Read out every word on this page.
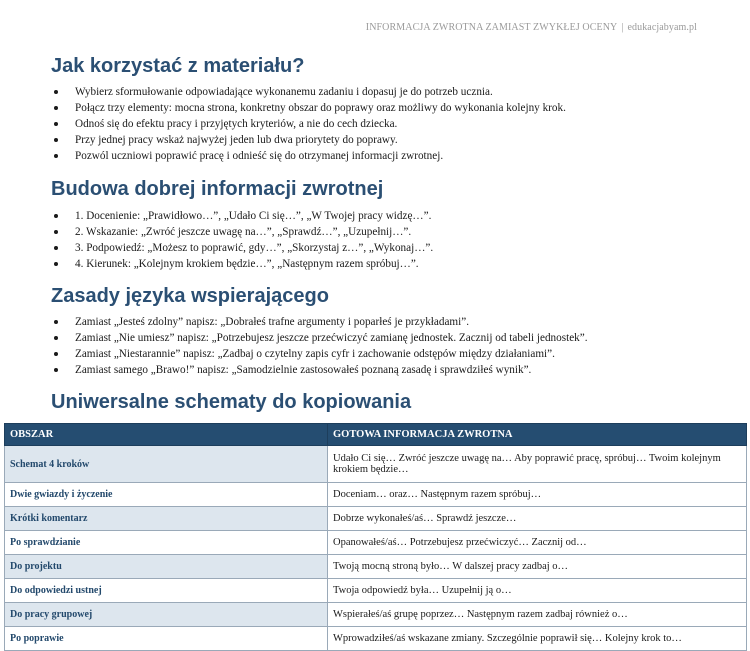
INFORMACJA ZWROTNA ZAMIAST ZWYKŁEJ OCENY | edukacjabyam.pl
Jak korzystać z materiału?
Wybierz sformułowanie odpowiadające wykonanemu zadaniu i dopasuj je do potrzeb ucznia.
Połącz trzy elementy: mocna strona, konkretny obszar do poprawy oraz możliwy do wykonania kolejny krok.
Odnoś się do efektu pracy i przyjętych kryteriów, a nie do cech dziecka.
Przy jednej pracy wskaż najwyżej jeden lub dwa priorytety do poprawy.
Pozwól uczniowi poprawić pracę i odnieść się do otrzymanej informacji zwrotnej.
Budowa dobrej informacji zwrotnej
1. Docenienie: „Prawidłowo…”, „Udało Ci się…”, „W Twojej pracy widzę…”.
2. Wskazanie: „Zwróć jeszcze uwagę na…”, „Sprawdź…”, „Uzupełnij…”.
3. Podpowiedź: „Możesz to poprawić, gdy…”, „Skorzystaj z…”, „Wykonaj…”.
4. Kierunek: „Kolejnym krokiem będzie…”, „Następnym razem spróbuj…”.
Zasady języka wspierającego
Zamiast „Jesteś zdolny” napisz: „Dobrałeś trafne argumenty i poparłeś je przykładami”.
Zamiast „Nie umiesz” napisz: „Potrzebujesz jeszcze przećwiczyć zamianę jednostek. Zacznij od tabeli jednostek”.
Zamiast „Niestarannie” napisz: „Zadbaj o czytelny zapis cyfr i zachowanie odstępów między działaniami”.
Zamiast samego „Brawo!” napisz: „Samodzielnie zastosowałeś poznaną zasadę i sprawdziłeś wynik”.
Uniwersalne schematy do kopiowania
OBSZAR	GOTOWA INFORMACJA ZWROTNA
Schemat 4 kroków	Udało Ci się… Zwróć jeszcze uwagę na… Aby poprawić pracę, spróbuj… Twoim kolejnym krokiem będzie…
Dwie gwiazdy i życzenie	Doceniam… oraz… Następnym razem spróbuj…
Krótki komentarz	Dobrze wykonałeś/aś… Sprawdź jeszcze…
Po sprawdzianie	Opanowałeś/aś… Potrzebujesz przećwiczyć… Zacznij od…
Do projektu	Twoją mocną stroną było… W dalszej pracy zadbaj o…
Do odpowiedzi ustnej	Twoja odpowiedź była… Uzupełnij ją o…
Do pracy grupowej	Wspierałeś/aś grupę poprzez… Następnym razem zadbaj również o…
Po poprawie	Wprowadziłeś/aś wskazane zmiany. Szczególnie poprawił się… Kolejny krok to…
